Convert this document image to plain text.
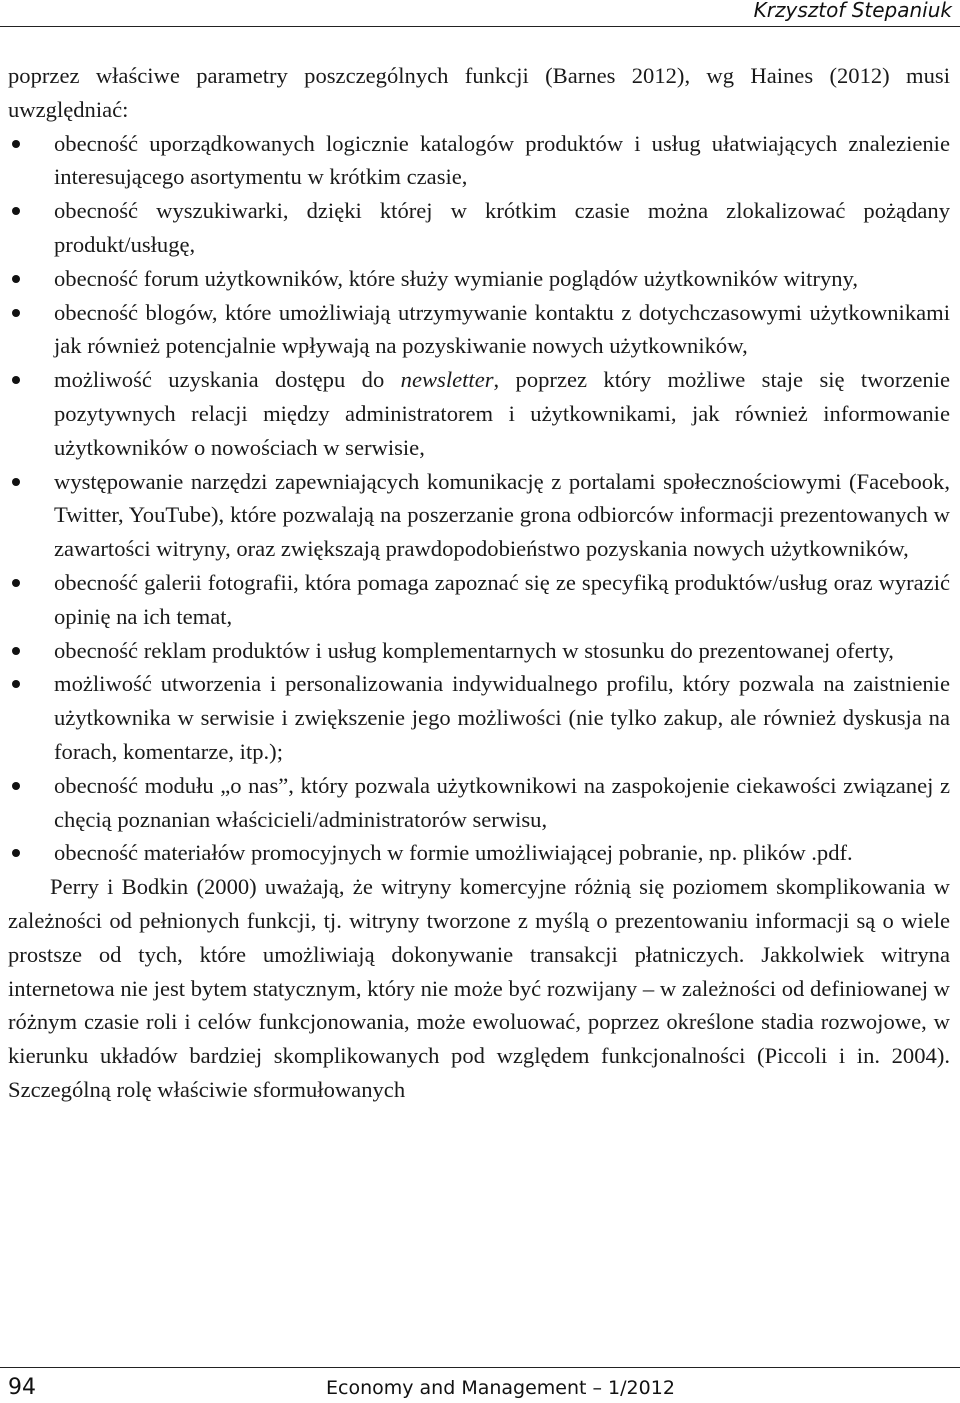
Krzysztof Stepaniuk

poprzez właściwe parametry poszczególnych funkcji (Barnes 2012), wg Haines (2012) musi uwzględniać:

obecność uporządkowanych logicznie katalogów produktów i usług ułatwiających znalezienie interesującego asortymentu w krótkim czasie,
obecność wyszukiwarki, dzięki której w krótkim czasie można zlokalizować pożądany produkt/usługę,
obecność forum użytkowników, które służy wymianie poglądów użytkowników witryny,
obecność blogów, które umożliwiają utrzymywanie kontaktu z dotychczasowymi użytkownikami jak również potencjalnie wpływają na pozyskiwanie nowych użytkowników,
możliwość uzyskania dostępu do newsletter, poprzez który możliwe staje się tworzenie pozytywnych relacji między administratorem i użytkownikami, jak również informowanie użytkowników o nowościach w serwisie,
występowanie narzędzi zapewniających komunikację z portalami społecznościowymi (Facebook, Twitter, YouTube), które pozwalają na poszerzanie grona odbiorców informacji prezentowanych w zawartości witryny, oraz zwiększają prawdopodobieństwo pozyskania nowych użytkowników,
obecność galerii fotografii, która pomaga zapoznać się ze specyfiką produktów/usług oraz wyrazić opinię na ich temat,
obecność reklam produktów i usług komplementarnych w stosunku do prezentowanej oferty,
możliwość utworzenia i personalizowania indywidualnego profilu, który pozwala na zaistnienie użytkownika w serwisie i zwiększenie jego możliwości (nie tylko zakup, ale również dyskusja na forach, komentarze, itp.);
obecność modułu „o nas”, który pozwala użytkownikowi na zaspokojenie ciekawości związanej z chęcią poznanian właścicieli/administratorów serwisu,
obecność materiałów promocyjnych w formie umożliwiającej pobranie, np. plików .pdf.

Perry i Bodkin (2000) uważają, że witryny komercyjne różnią się poziomem skomplikowania w zależności od pełnionych funkcji, tj. witryny tworzone z myślą o prezentowaniu informacji są o wiele prostsze od tych, które umożliwiają dokonywanie transakcji płatniczych. Jakkolwiek witryna internetowa nie jest bytem statycznym, który nie może być rozwijany – w zależności od definiowanej w różnym czasie roli i celów funkcjonowania, może ewoluować, poprzez określone stadia rozwojowe, w kierunku układów bardziej skomplikowanych pod względem funkcjonalności (Piccoli i in. 2004). Szczególną rolę właściwie sformułowanych

94	Economy and Management – 1/2012
